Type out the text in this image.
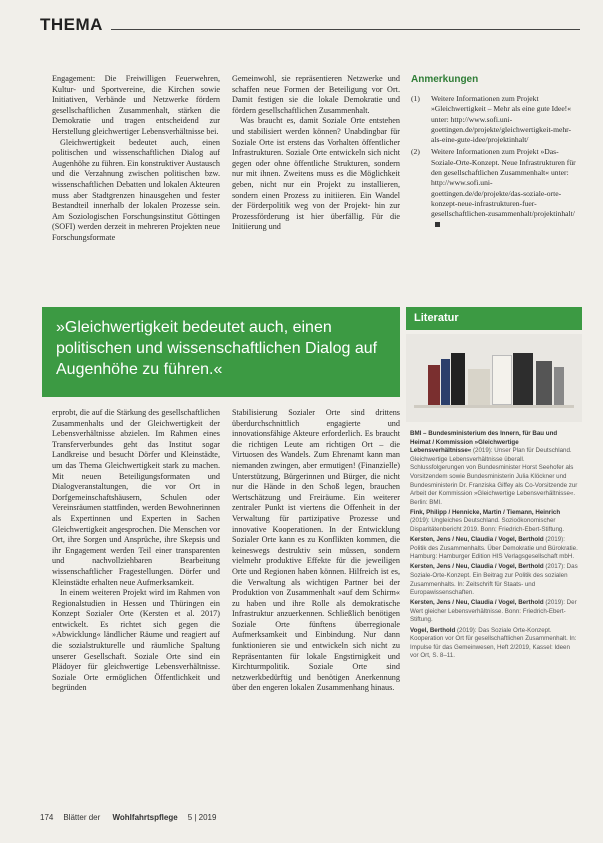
THEMA

Engagement: Die Freiwilligen Feuerwehren, Kultur- und Sportvereine, die Kirchen sowie Initiativen, Verbände und Netzwerke fördern gesellschaftlichen Zusammenhalt, stärken die Demokratie und tragen entscheidend zur Herstellung gleichwertiger Lebensverhältnisse bei.

Gleichwertigkeit bedeutet auch, einen politischen und wissenschaftlichen Dialog auf Augenhöhe zu führen. Ein konstruktiver Austausch und die Verzahnung zwischen politischen bzw. wissenschaftlichen Debatten und lokalen Akteuren muss aber Stadtgrenzen hinausgehen und fester Bestandteil innerhalb der lokalen Prozesse sein. Am Soziologischen Forschungsinstitut Göttingen (SOFI) werden derzeit in mehreren Projekten neue Forschungsformate

Gemeinwohl, sie repräsentieren Netzwerke und schaffen neue Formen der Beteiligung vor Ort. Damit festigen sie die lokale Demokratie und fördern gesellschaftlichen Zusammenhalt.

Was braucht es, damit Soziale Orte entstehen und stabilisiert werden können? Unabdingbar für Soziale Orte ist erstens das Vorhalten öffentlicher Infrastrukturen. Soziale Orte entwickeln sich nicht gegen oder ohne öffentliche Strukturen, sondern nur mit ihnen. Zweitens muss es die Möglichkeit geben, nicht nur ein Projekt zu installieren, sondern einen Prozess zu initiieren. Ein Wandel der Förderpolitik weg von der Projekt- hin zur Prozessförderung ist hier überfällig. Für die Initiierung und

Anmerkungen
(1)	Weitere Informationen zum Projekt »Gleichwertigkeit – Mehr als eine gute Idee!« unter: http://www.sofi.uni-goettingen.de/projekte/gleichwertigkeit-mehr-als-eine-gute-idee/projektinhalt/
(2)	Weitere Informationen zum Projekt »Das-Soziale-Orte-Konzept. Neue Infrastrukturen für den gesellschaftlichen Zusammenhalt« unter: http://www.sofi.uni-goettingen.de/de/projekte/das-soziale-orte-konzept-neue-infrastrukturen-fuer-gesellschaftlichen-zusammenhalt/projektinhalt/
»Gleichwertigkeit bedeutet auch, einen politischen und wissenschaftlichen Dialog auf Augenhöhe zu führen.«
Literatur
BMI – Bundesministerium des Innern, für Bau und Heimat / Kommission »Gleichwertige Lebensverhältnisse« (2019): Unser Plan für Deutschland. Gleichwertige Lebensverhältnisse überall. Schlussfolgerungen von Bundesminister Horst Seehofer als Vorsitzendem sowie Bundesministerin Julia Klöckner und Bundesministerin Dr. Franziska Giffey als Co-Vorsitzende zur Arbeit der Kommission »Gleichwertige Lebensverhältnisse«. Berlin: BMI.
Fink, Philipp / Hennicke, Martin / Tiemann, Heinrich (2019): Ungleiches Deutschland. Sozioökonomischer Disparitätenbericht 2019. Bonn: Friedrich-Ebert-Stiftung.
Kersten, Jens / Neu, Claudia / Vogel, Berthold (2019): Politik des Zusammenhalts. Über Demokratie und Bürokratie. Hamburg: Hamburger Edition HIS Verlagsgesellschaft mbH.
Kersten, Jens / Neu, Claudia / Vogel, Berthold (2017): Das Soziale-Orte-Konzept. Ein Beitrag zur Politik des sozialen Zusammenhalts. In: Zeitschrift für Staats- und Europawissenschaften.
Kersten, Jens / Neu, Claudia / Vogel, Berthold (2019): Der Wert gleicher Lebensverhältnisse. Bonn: Friedrich-Ebert-Stiftung.
Vogel, Berthold (2019): Das Soziale Orte-Konzept. Kooperation vor Ort für gesellschaftlichen Zusammenhalt. In: Impulse für das Gemeinwesen, Heft 2/2019, Kassel: Ideen vor Ort, S. 8–11.

erprobt, die auf die Stärkung des gesellschaftlichen Zusammenhalts und der Gleichwertigkeit der Lebensverhältnisse abzielen. Im Rahmen eines Transferverbundes geht das Institut sogar Landkreise und besucht Dörfer und Kleinstädte, um das Thema Gleichwertigkeit stark zu machen. Mit neuen Beteiligungsformaten und Dialogveranstaltungen, die vor Ort in Dorfgemeinschaftshäusern, Schulen oder Vereinsräumen stattfinden, werden Bewohnerinnen als Expertinnen und Experten in Sachen Gleichwertigkeit angesprochen. Die Menschen vor Ort, ihre Sorgen und Ansprüche, ihre Skepsis und ihr Engagement werden Teil einer transparenten und nachvollziehbaren Bearbeitung wissenschaftlicher Fragestellungen. Dörfer und Kleinstädte erhalten neue Aufmerksamkeit.

In einem weiteren Projekt wird im Rahmen von Regionalstudien in Hessen und Thüringen ein Konzept Sozialer Orte (Kersten et al. 2017) entwickelt. Es richtet sich gegen die »Abwicklung« ländlicher Räume und reagiert auf die sozialstrukturelle und räumliche Spaltung unserer Gesellschaft. Soziale Orte sind ein Plädoyer für gleichwertige Lebensverhältnisse. Soziale Orte ermöglichen Öffentlichkeit und begründen

Stabilisierung Sozialer Orte sind drittens überdurchschnittlich engagierte und innovationsfähige Akteure erforderlich. Es braucht die richtigen Leute am richtigen Ort – die Virtuosen des Wandels. Zum Ehrenamt kann man niemanden zwingen, aber ermutigen! (Finanzielle) Unterstützung, Bürgerinnen und Bürger, die nicht nur die Hände in den Schoß legen, brauchen Wertschätzung und Freiräume. Ein weiterer zentraler Punkt ist viertens die Offenheit in der Verwaltung für partizipative Prozesse und innovative Kooperationen. In der Entwicklung Sozialer Orte kann es zu Konflikten kommen, die keineswegs destruktiv sein müssen, sondern vielmehr produktive Effekte für die jeweiligen Orte und Regionen haben können. Hilfreich ist es, die Verwaltung als wichtigen Partner bei der Produktion von Zusammenhalt »auf dem Schirm« zu haben und ihre Rolle als demokratische Infrastruktur anzuerkennen. Schließlich benötigen Soziale Orte fünftens überregionale Aufmerksamkeit und Einbindung. Nur dann funktionieren sie und entwickeln sich nicht zu Repräsentanten für lokale Engstirnigkeit und Kirchturmpolitik. Soziale Orte sind netzwerkbedürftig und benötigen Anerkennung über den engeren lokalen Zusammenhang hinaus.

174 Blätter der Wohlfahrtspflege 5 | 2019
